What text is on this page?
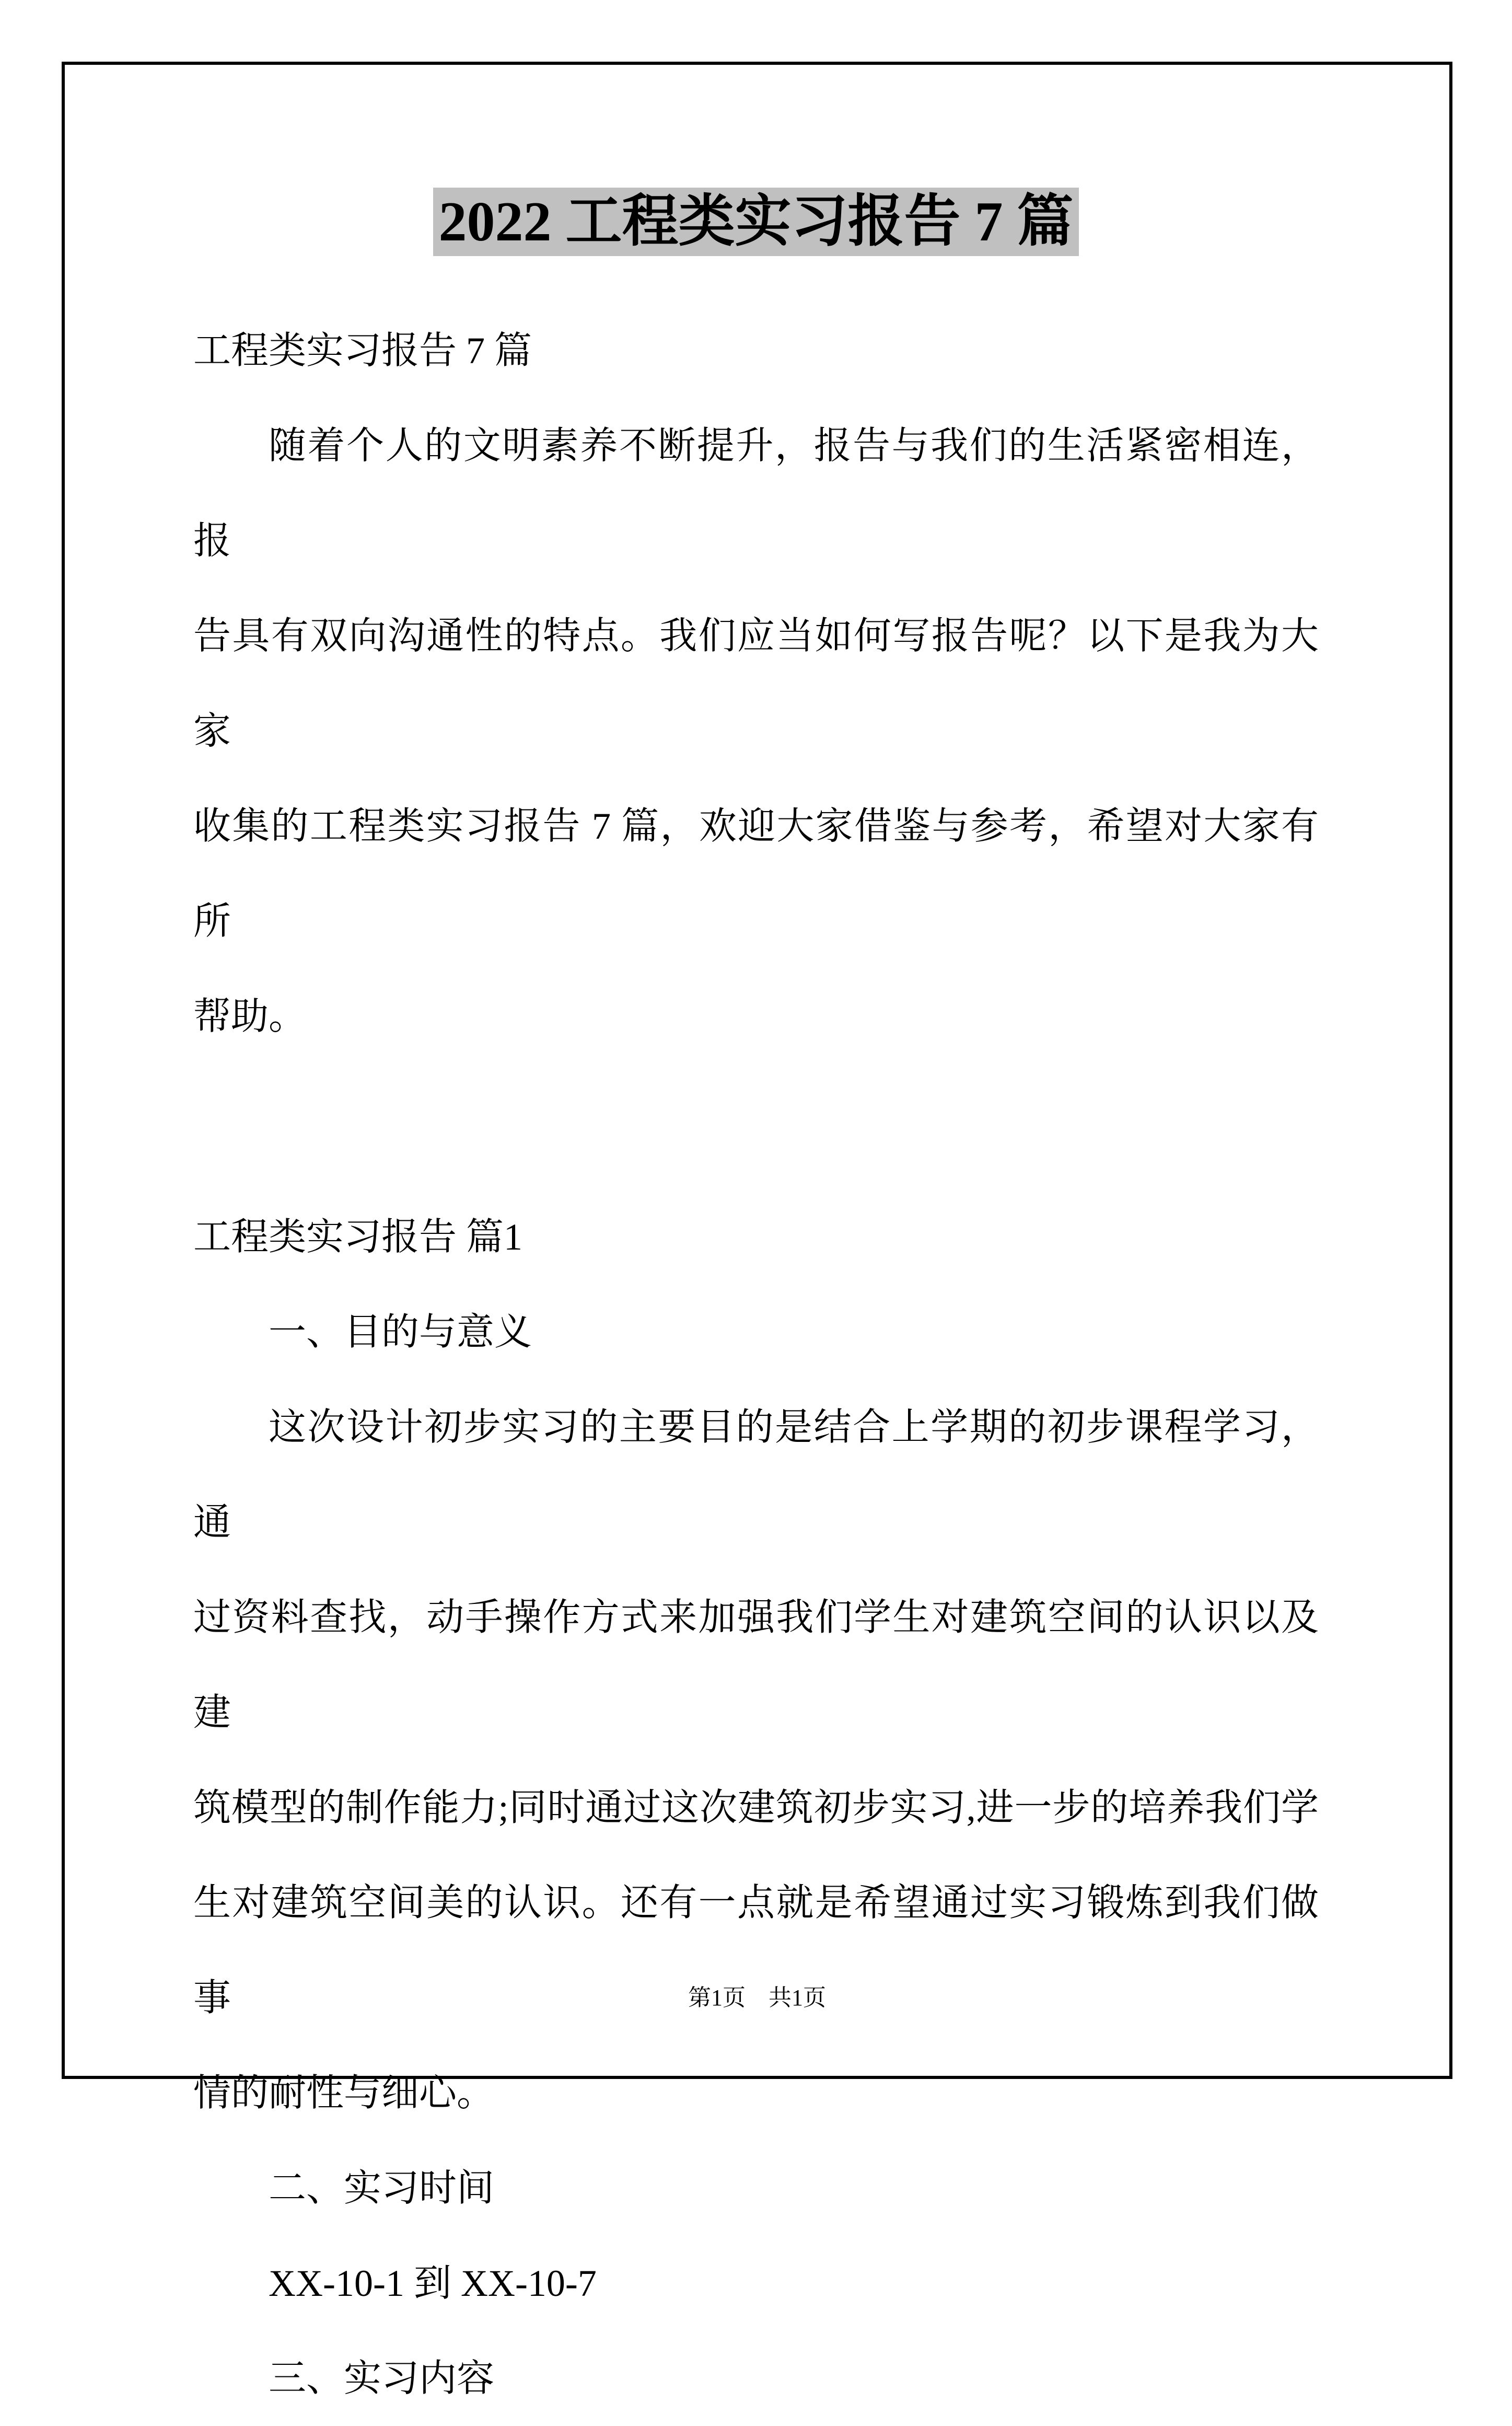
2022 工程类实习报告 7 篇
工程类实习报告 7 篇
随着个人的文明素养不断提升，报告与我们的生活紧密相连，报
告具有双向沟通性的特点。我们应当如何写报告呢？以下是我为大家
收集的工程类实习报告 7 篇，欢迎大家借鉴与参考，希望对大家有所
帮助。
工程类实习报告 篇1
一、目的与意义
这次设计初步实习的主要目的是结合上学期的初步课程学习，通
过资料查找，动手操作方式来加强我们学生对建筑空间的认识以及建
筑模型的制作能力;同时通过这次建筑初步实习,进一步的培养我们学
生对建筑空间美的认识。还有一点就是希望通过实习锻炼到我们做事
情的耐性与细心。
二、实习时间
XX-10-1 到 XX-10-7
三、实习内容
第1页　共1页
